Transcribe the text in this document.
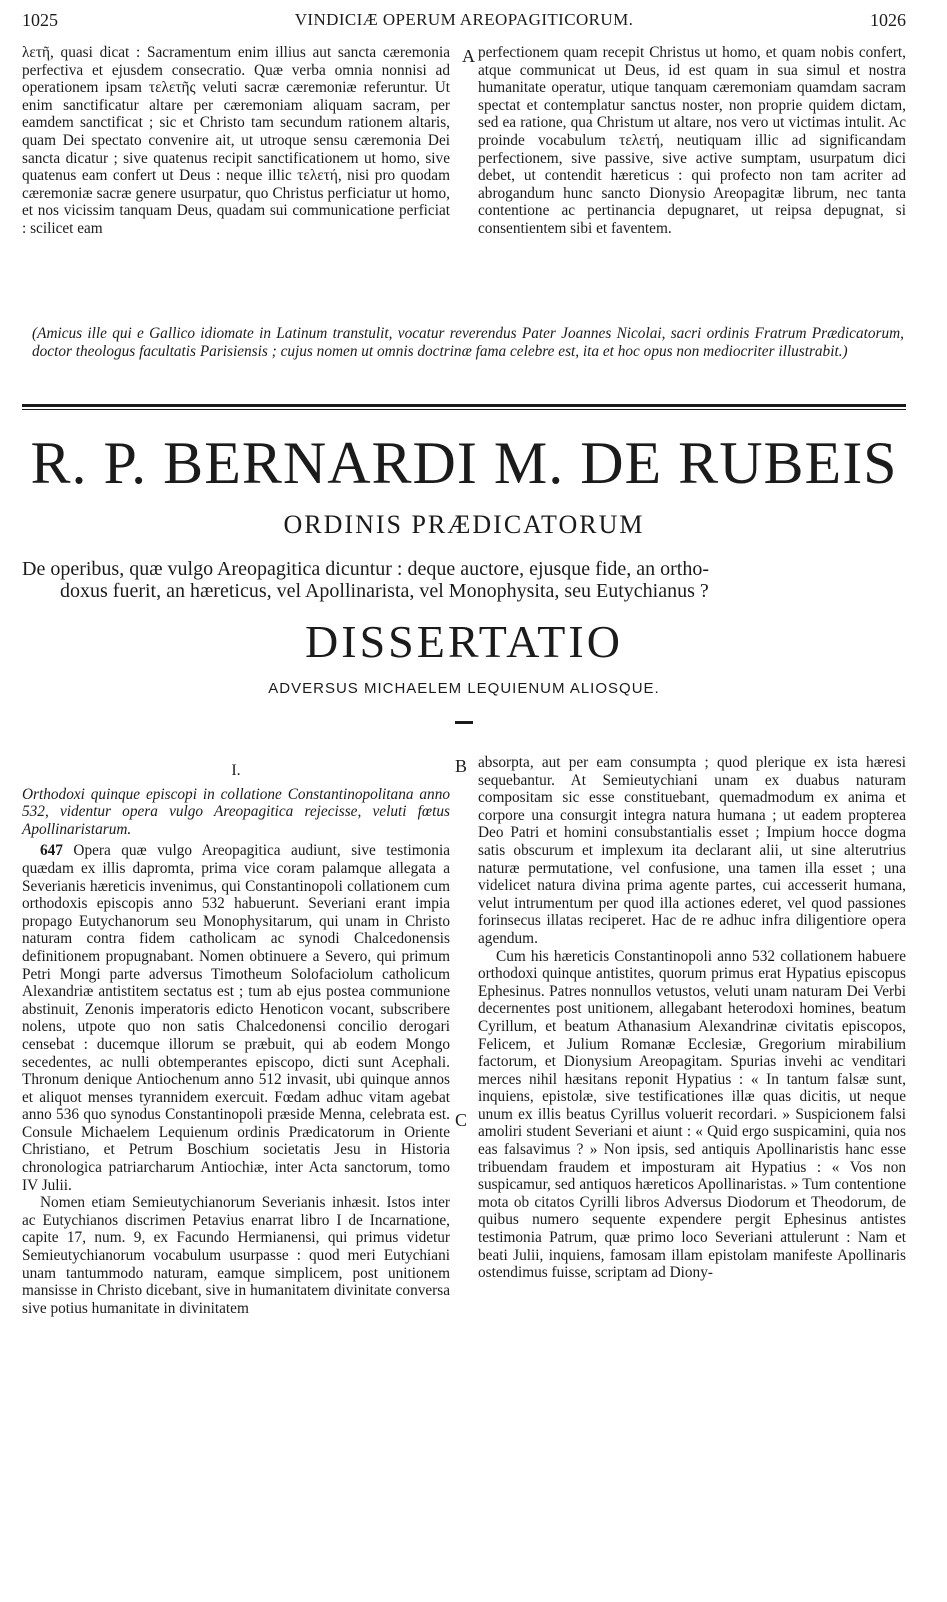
1025	VINDICIÆ OPERUM AREOPAGITICORUM.	1026

λετῆ, quasi dicat : Sacramentum enim illius aut sancta cæremonia perfectiva et ejusdem consecratio. Quæ verba omnia nonnisi ad operationem ipsam τελετῆς veluti sacræ cæremoniæ referuntur. Ut enim sanctificatur altare per cæremoniam aliquam sacram, per eamdem sanctificat ; sic et Christo tam secundum rationem altaris, quam Dei spectato convenire ait, ut utroque sensu cæremonia Dei sancta dicatur ; sive quatenus recipit sanctificationem ut homo, sive quatenus eam confert ut Deus : neque illic τελετή, nisi pro quodam cæremoniæ sacræ genere usurpatur, quo Christus perficiatur ut homo, et nos vicissim tanquam Deus, quadam sui communicatione perficiat : scilicet eam

A perfectionem quam recepit Christus ut homo, et quam nobis confert, atque communicat ut Deus, id est quam in sua simul et nostra humanitate operatur, utique tanquam cæremoniam quamdam sacram spectat et contemplatur sanctus noster, non proprie quidem dictam, sed ea ratione, qua Christum ut altare, nos vero ut victimas intulit. Ac proinde vocabulum τελετή, neutiquam illic ad significandam perfectionem, sive passive, sive active sumptam, usurpatum dici debet, ut contendit hæreticus : qui profecto non tam acriter ad abrogandum hunc sancto Dionysio Areopagitæ librum, nec tanta contentione ac pertinancia depugnaret, ut reipsa depugnat, si consentientem sibi et faventem.

(Amicus ille qui e Gallico idiomate in Latinum transtulit, vocatur reverendus Pater Joannes Nicolai, sacri ordinis Fratrum Prædicatorum, doctor theologus facultatis Parisiensis ; cujus nomen ut omnis doctrinæ fama celebre est, ita et hoc opus non mediocriter illustrabit.)
R. P. BERNARDI M. DE RUBEIS
ORDINIS PRÆDICATORUM
De operibus, quæ vulgo Areopagitica dicuntur : deque auctore, ejusque fide, an ortho-
doxus fuerit, an hæreticus, vel Apollinarista, vel Monophysita, seu Eutychianus ?
DISSERTATIO
ADVERSUS MICHAELEM LEQUIENUM ALIOSQUE.

I.

Orthodoxi quinque episcopi in collatione Constantinopolitana anno 532, videntur opera vulgo Areopagitica rejecisse, veluti fœtus Apollinaristarum.

647 Opera quæ vulgo Areopagitica audiunt, sive testimonia quædam ex illis dapromta, prima vice coram palamque allegata a Severianis hæreticis invenimus, qui Constantinopoli collationem cum orthodoxis episcopis anno 532 habuerunt. Severiani erant impia propago Eutychanorum seu Monophysitarum, qui unam in Christo naturam contra fidem catholicam ac synodi Chalcedonensis definitionem propugnabant. Nomen obtinuere a Severo, qui primum Petri Mongi parte adversus Timotheum Solofaciolum catholicum Alexandriæ antistitem sectatus est ; tum ab ejus postea communione abstinuit, Zenonis imperatoris edicto Henoticon vocant, subscribere nolens, utpote quo non satis Chalcedonensi concilio derogari censebat : ducemque illorum se præbuit, qui ab eodem Mongo secedentes, ac nulli obtemperantes episcopo, dicti sunt Acephali. Thronum denique Antiochenum anno 512 invasit, ubi quinque annos et aliquot menses tyrannidem exercuit. Fœdam adhuc vitam agebat anno 536 quo synodus Constantinopoli præside Menna, celebrata est. Consule Michaelem Lequienum ordinis Prædicatorum in Oriente Christiano, et Petrum Boschium societatis Jesu in Historia chronologica patriarcharum Antiochiæ, inter Acta sanctorum, tomo IV Julii.

Nomen etiam Semieutychianorum Severianis inhæsit. Istos inter ac Eutychianos discrimen Petavius enarrat libro I de Incarnatione, capite 17, num. 9, ex Facundo Hermianensi, qui primus videtur Semieutychianorum vocabulum usurpasse : quod meri Eutychiani unam tantummodo naturam, eamque simplicem, post unitionem mansisse in Christo dicebant, sive in humanitatem divinitate conversa sive potius humanitate in divinitatem

B
C

absorpta, aut per eam consumpta ; quod plerique ex ista hæresi sequebantur. At Semieutychiani unam ex duabus naturam compositam sic esse constituebant, quemadmodum ex anima et corpore una consurgit integra natura humana ; ut eadem propterea Deo Patri et homini consubstantialis esset ; Impium hocce dogma satis obscurum et implexum ita declarant alii, ut sine alterutrius naturæ permutatione, vel confusione, una tamen illa esset ; una videlicet natura divina prima agente partes, cui accesserit humana, velut intrumentum per quod illa actiones ederet, vel quod passiones forinsecus illatas reciperet. Hac de re adhuc infra diligentiore opera agendum.

Cum his hæreticis Constantinopoli anno 532 collationem habuere orthodoxi quinque antistites, quorum primus erat Hypatius episcopus Ephesinus. Patres nonnullos vetustos, veluti unam naturam Dei Verbi decernentes post unitionem, allegabant heterodoxi homines, beatum Cyrillum, et beatum Athanasium Alexandrinæ civitatis episcopos, Felicem, et Julium Romanæ Ecclesiæ, Gregorium mirabilium factorum, et Dionysium Areopagitam. Spurias invehi ac venditari merces nihil hæsitans reponit Hypatius : « In tantum falsæ sunt, inquiens, epistolæ, sive testificationes illæ quas dicitis, ut neque unum ex illis beatus Cyrillus voluerit recordari. » Suspicionem falsi amoliri student Severiani et aiunt : « Quid ergo suspicamini, quia nos eas falsavimus ? » Non ipsis, sed antiquis Apollinaristis hanc esse tribuendam fraudem et imposturam ait Hypatius : « Vos non suspicamur, sed antiquos hæreticos Apollinaristas. » Tum contentione mota ob citatos Cyrilli libros Adversus Diodorum et Theodorum, de quibus numero sequente expendere pergit Ephesinus antistes testimonia Patrum, quæ primo loco Severiani attulerunt : Nam et beati Julii, inquiens, famosam illam epistolam manifeste Apollinaris ostendimus fuisse, scriptam ad Diony-
